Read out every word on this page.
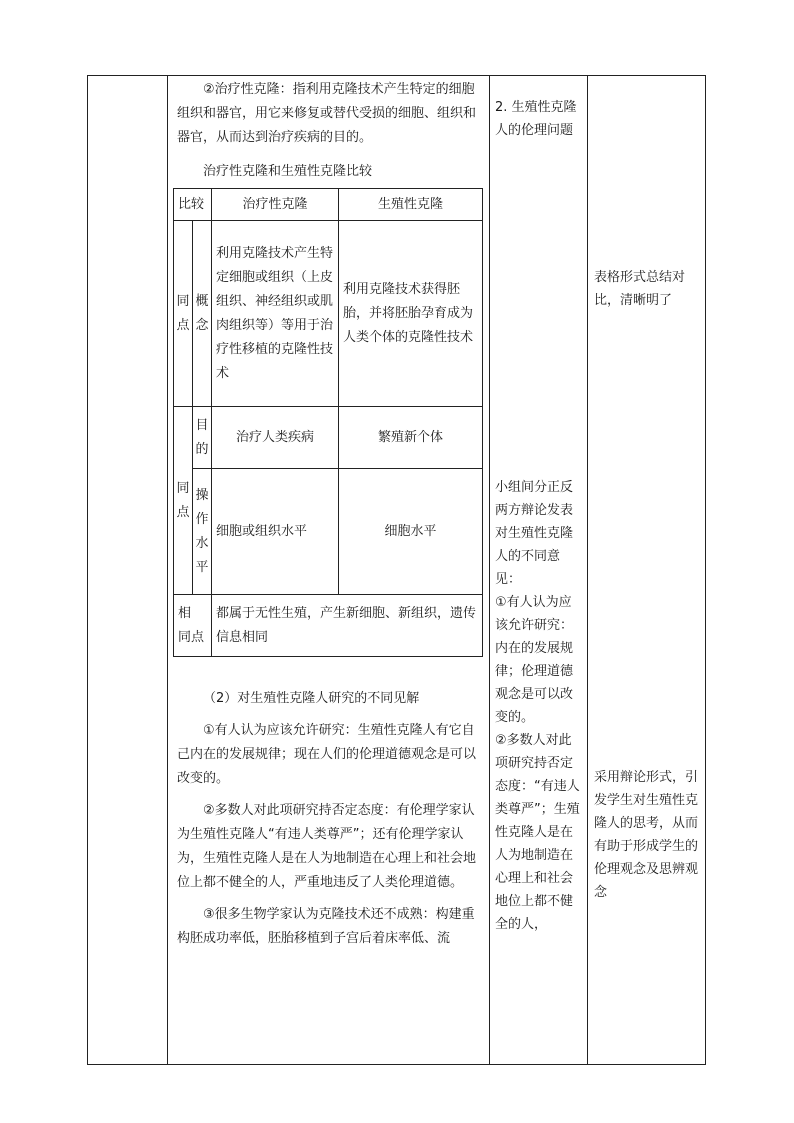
②治疗性克隆：指利用克隆技术产生特定的细胞组织和器官，用它来修复或替代受损的细胞、组织和器官，从而达到治疗疾病的目的。

治疗性克隆和生殖性克隆比较

比较		治疗性克隆	生殖性克隆
同点	概念	利用克隆技术产生特定细胞或组织（上皮组织、神经组织或肌肉组织等）等用于治疗性移植的克隆性技术	利用克隆技术获得胚胎，并将胚胎孕育成为人类个体的克隆性技术
同点	目的	治疗人类疾病	繁殖新个体
	操作水平	细胞或组织水平	细胞水平
相 同点		都属于无性生殖，产生新细胞、新组织，遗传信息相同	

（2）对生殖性克隆人研究的不同见解

①有人认为应该允许研究：生殖性克隆人有它自己内在的发展规律；现在人们的伦理道德观念是可以改变的。

②多数人对此项研究持否定态度：有伦理学家认为生殖性克隆人“有违人类尊严”；还有伦理学家认为，生殖性克隆人是在人为地制造在心理上和社会地位上都不健全的人，严重地违反了人类伦理道德。

③很多生物学家认为克隆技术还不成熟：构建重构胚成功率低，胚胎移植到子宫后着床率低、流

2. 生殖性克隆人的伦理问题

小组间分正反两方辩论发表对生殖性克隆人的不同意见：

①有人认为应该允许研究：内在的发展规律；伦理道德观念是可以改变的。

②多数人对此项研究持否定态度：“有违人类尊严”；生殖性克隆人是在人为地制造在心理上和社会地位上都不健全的人，

表格形式总结对比，清晰明了

采用辩论形式，引发学生对生殖性克隆人的思考，从而有助于形成学生的伦理观念及思辨观念
